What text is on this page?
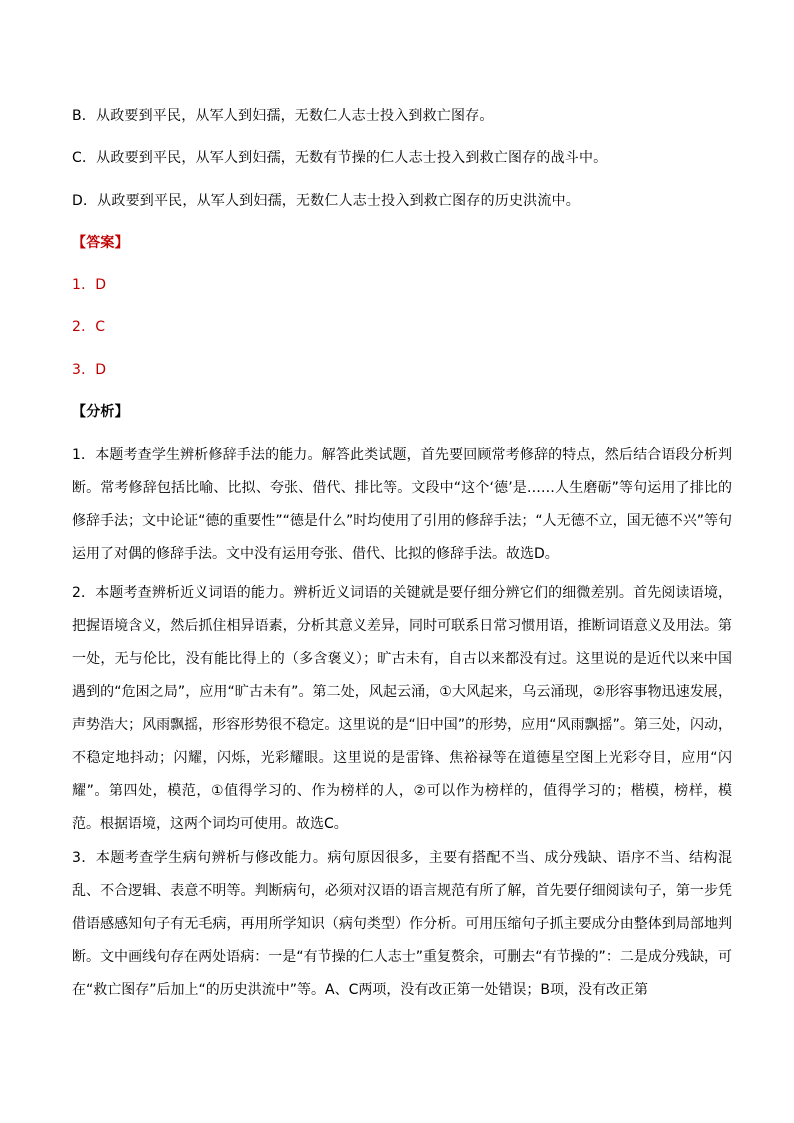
B．从政要到平民，从军人到妇孺，无数仁人志士投入到救亡图存。
C．从政要到平民，从军人到妇孺，无数有节操的仁人志士投入到救亡图存的战斗中。
D．从政要到平民，从军人到妇孺，无数仁人志士投入到救亡图存的历史洪流中。
【答案】
1．D
2．C
3．D
【分析】
1．本题考查学生辨析修辞手法的能力。解答此类试题，首先要回顾常考修辞的特点，然后结合语段分析判断。常考修辞包括比喻、比拟、夸张、借代、排比等。文段中“这个‘德’是……人生磨砺”等句运用了排比的修辞手法；文中论证“德的重要性”“德是什么”时均使用了引用的修辞手法；“人无德不立，国无德不兴”等句运用了对偶的修辞手法。文中没有运用夸张、借代、比拟的修辞手法。故选D。
2．本题考查辨析近义词语的能力。辨析近义词语的关键就是要仔细分辨它们的细微差别。首先阅读语境，把握语境含义，然后抓住相异语素，分析其意义差异，同时可联系日常习惯用语，推断词语意义及用法。第一处，无与伦比，没有能比得上的（多含褒义）；旷古未有，自古以来都没有过。这里说的是近代以来中国遇到的“危困之局”，应用“旷古未有”。第二处，风起云涌，①大风起来，乌云涌现，②形容事物迅速发展，声势浩大；风雨飘摇，形容形势很不稳定。这里说的是“旧中国”的形势，应用“风雨飘摇”。第三处，闪动，不稳定地抖动；闪耀，闪烁，光彩耀眼。这里说的是雷锋、焦裕禄等在道德星空图上光彩夺目，应用“闪耀”。第四处，模范，①值得学习的、作为榜样的人，②可以作为榜样的，值得学习的；楷模，榜样，模范。根据语境，这两个词均可使用。故选C。
3．本题考查学生病句辨析与修改能力。病句原因很多，主要有搭配不当、成分残缺、语序不当、结构混乱、不合逻辑、表意不明等。判断病句，必须对汉语的语言规范有所了解，首先要仔细阅读句子，第一步凭借语感感知句子有无毛病，再用所学知识（病句类型）作分析。可用压缩句子抓主要成分由整体到局部地判断。文中画线句存在两处语病：一是“有节操的仁人志士”重复赘余，可删去“有节操的”：二是成分残缺，可在“救亡图存”后加上“的历史洪流中”等。A、C两项，没有改正第一处错误；B项，没有改正第
